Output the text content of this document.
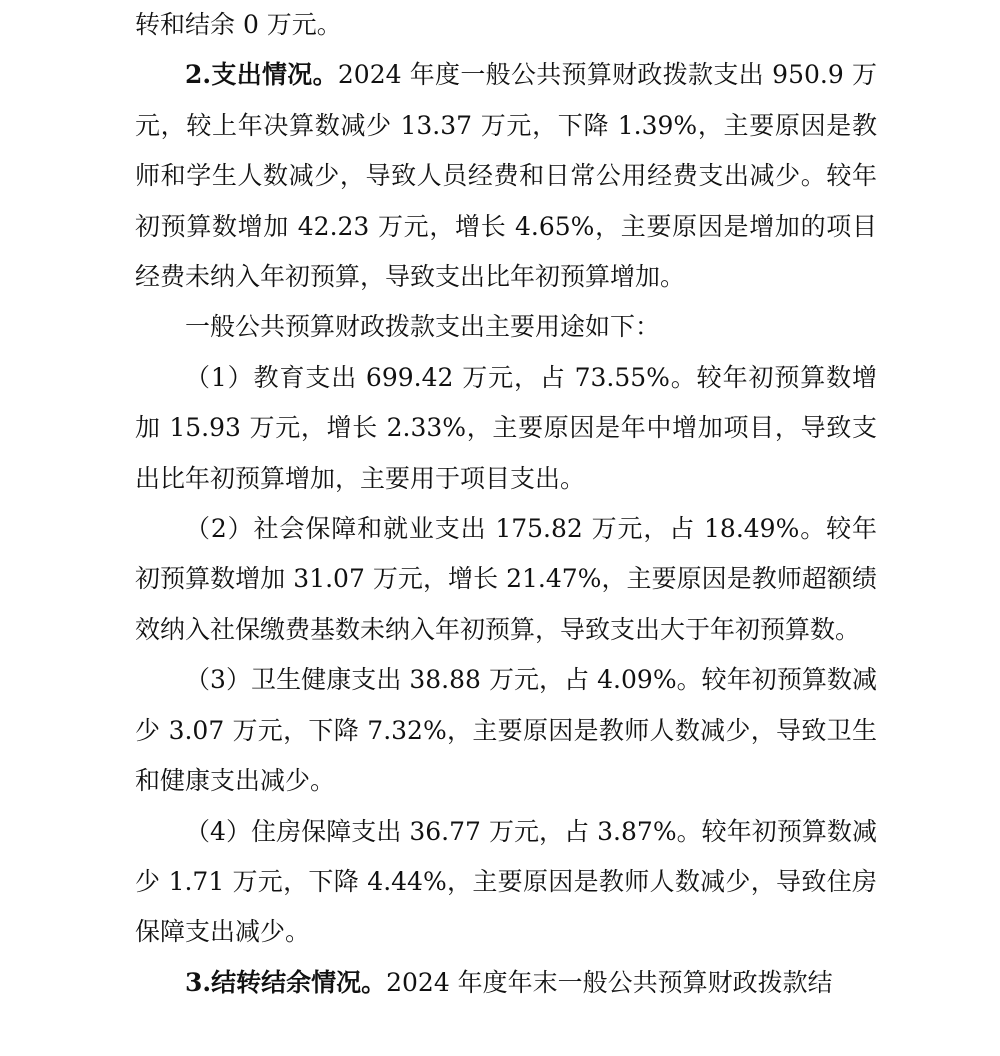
转和结余 0 万元。

2.支出情况。2024 年度一般公共预算财政拨款支出 950.9 万元，较上年决算数减少 13.37 万元，下降 1.39%，主要原因是教师和学生人数减少，导致人员经费和日常公用经费支出减少。较年初预算数增加 42.23 万元，增长 4.65%，主要原因是增加的项目经费未纳入年初预算，导致支出比年初预算增加。

一般公共预算财政拨款支出主要用途如下：

（1）教育支出 699.42 万元，占 73.55%。较年初预算数增加 15.93 万元，增长 2.33%，主要原因是年中增加项目，导致支出比年初预算增加，主要用于项目支出。

（2）社会保障和就业支出 175.82 万元，占 18.49%。较年初预算数增加 31.07 万元，增长 21.47%，主要原因是教师超额绩效纳入社保缴费基数未纳入年初预算，导致支出大于年初预算数。

（3）卫生健康支出 38.88 万元，占 4.09%。较年初预算数减少 3.07 万元，下降 7.32%，主要原因是教师人数减少，导致卫生和健康支出减少。

（4）住房保障支出 36.77 万元，占 3.87%。较年初预算数减少 1.71 万元，下降 4.44%，主要原因是教师人数减少，导致住房保障支出减少。

3.结转结余情况。2024 年度年末一般公共预算财政拨款结
